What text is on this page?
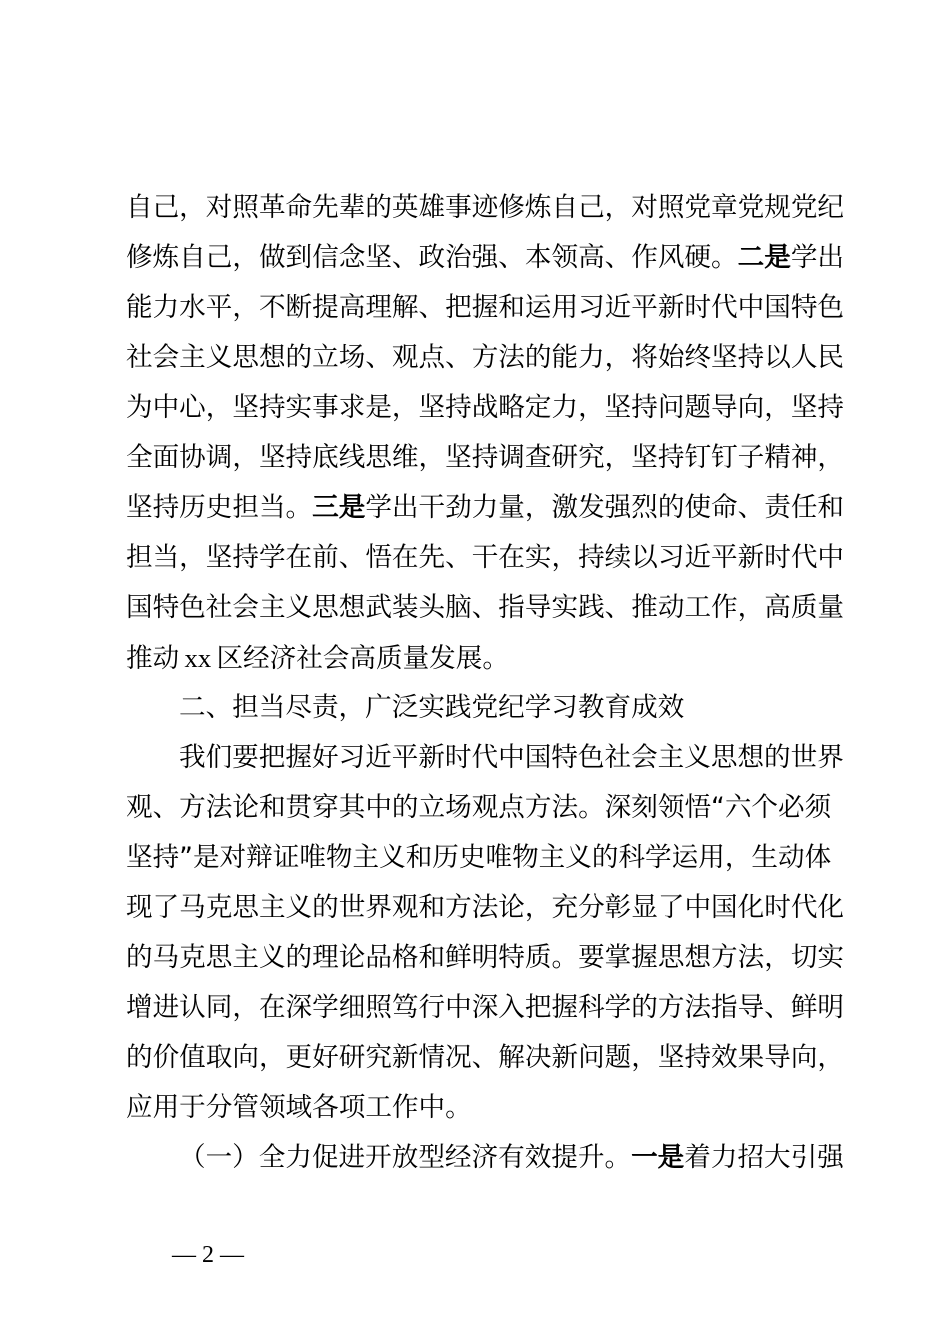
自己，对照革命先辈的英雄事迹修炼自己，对照党章党规党纪
修炼自己，做到信念坚、政治强、本领高、作风硬。二是学出
能力水平，不断提高理解、把握和运用习近平新时代中国特色
社会主义思想的立场、观点、方法的能力，将始终坚持以人民
为中心，坚持实事求是，坚持战略定力，坚持问题导向，坚持
全面协调，坚持底线思维，坚持调查研究，坚持钉钉子精神，
坚持历史担当。三是学出干劲力量，激发强烈的使命、责任和
担当，坚持学在前、悟在先、干在实，持续以习近平新时代中
国特色社会主义思想武装头脑、指导实践、推动工作，高质量
推动  xx  区经济社会高质量发展。
二、担当尽责，广泛实践党纪学习教育成效
我们要把握好习近平新时代中国特色社会主义思想的世界
观、方法论和贯穿其中的立场观点方法。深刻领悟“六个必须
坚持”是对辩证唯物主义和历史唯物主义的科学运用，生动体
现了马克思主义的世界观和方法论，充分彰显了中国化时代化
的马克思主义的理论品格和鲜明特质。要掌握思想方法，切实
增进认同，在深学细照笃行中深入把握科学的方法指导、鲜明
的价值取向，更好研究新情况、解决新问题，坚持效果导向，
应用于分管领域各项工作中。
（一）全力促进开放型经济有效提升。一是着力招大引强
— 2 —
